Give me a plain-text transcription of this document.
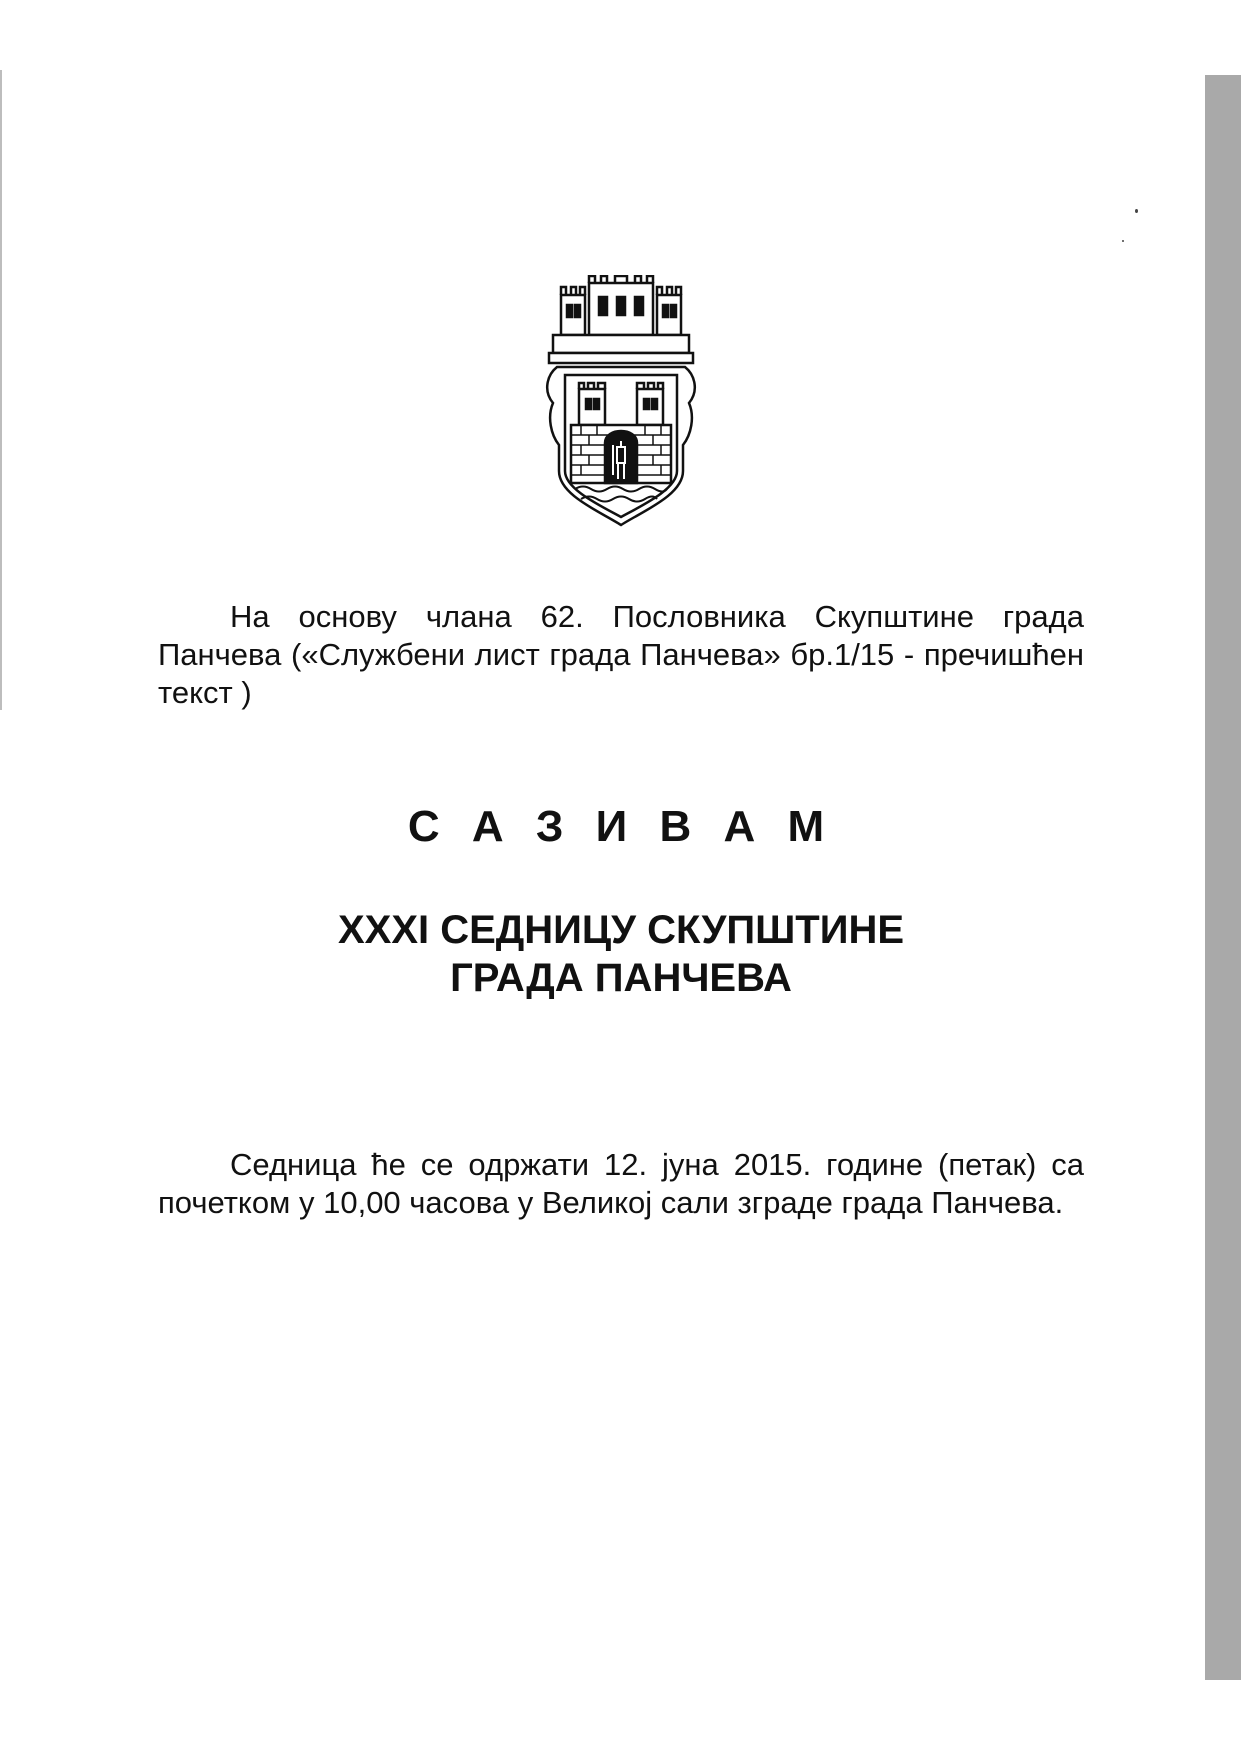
На основу члана 62. Пословника Скупштине града Панчева («Службени лист града Панчева» бр.1/15 - пречишћен текст )

С А З И В А М
XXXI СЕДНИЦУ СКУПШТИНЕ
ГРАДА ПАНЧЕВА

Седница ће се одржати 12. јуна 2015. године (петак) са почетком у 10,00 часова у Великој сали зграде града Панчева.
